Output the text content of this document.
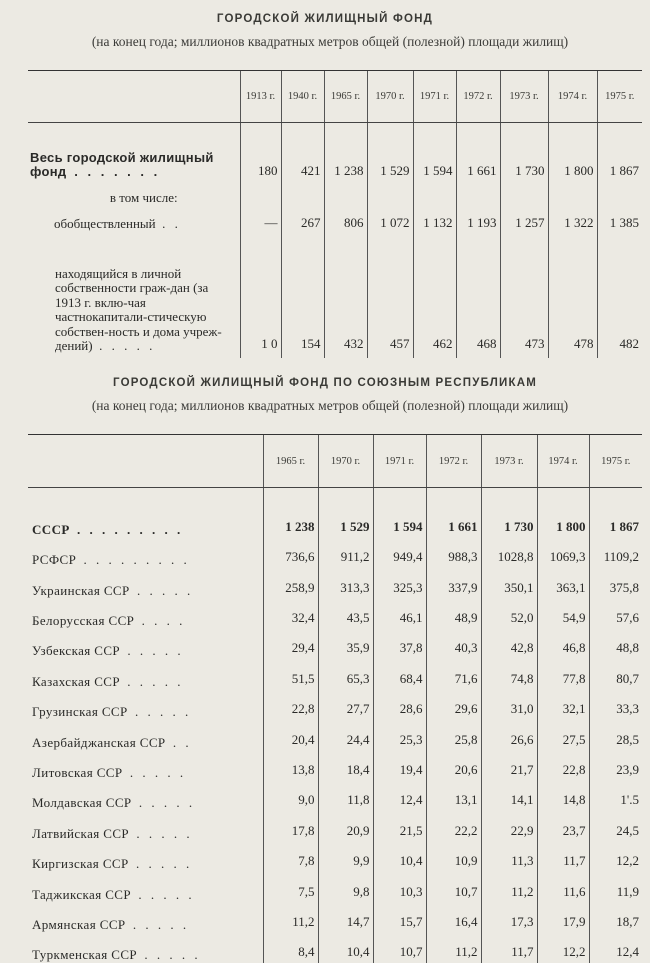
ГОРОДСКОЙ ЖИЛИЩНЫЙ ФОНД
(на конец года; миллионов квадратных метров общей (полезной) площади жилищ)
	1913 г.	1940 г.	1965 г.	1970 г.	1971 г.	1972 г.	1973 г.	1974 г.	1975 г.

Весь городской жилищный
фонд . . . . . . .	180	421	1 238	1 529	1 594	1 661	1 730	1 800	1 867
в том числе:									
обобществленный . .	—	267	806	1 072	1 132	1 193	1 257	1 322	1 385
находящийся в личной собственности граж-дан (за 1913 г. вклю-чая частнокапитали-стическую собствен-ность и дома учреж-дений) . . . . .	1 0	154	432	457	462	468	473	478	482
ГОРОДСКОЙ ЖИЛИЩНЫЙ ФОНД ПО СОЮЗНЫМ РЕСПУБЛИКАМ
(на конец года; миллионов квадратных метров общей (полезной) площади жилищ)
	1965 г.	1970 г.	1971 г.	1972 г.	1973 г.	1974 г.	1975 г.

СССР . . . . . . . . .	1 238	1 529	1 594	1 661	1 730	1 800	1 867
РСФСР . . . . . . . . .	736,6	911,2	949,4	988,3	1028,8	1069,3	1109,2
Украинская ССР . . . . .	258,9	313,3	325,3	337,9	350,1	363,1	375,8
Белорусская ССР . . . .	32,4	43,5	46,1	48,9	52,0	54,9	57,6
Узбекская ССР . . . . .	29,4	35,9	37,8	40,3	42,8	46,8	48,8
Казахская ССР . . . . .	51,5	65,3	68,4	71,6	74,8	77,8	80,7
Грузинская ССР . . . . .	22,8	27,7	28,6	29,6	31,0	32,1	33,3
Азербайджанская ССР . .	20,4	24,4	25,3	25,8	26,6	27,5	28,5
Литовская ССР . . . . .	13,8	18,4	19,4	20,6	21,7	22,8	23,9
Молдавская ССР . . . . .	9,0	11,8	12,4	13,1	14,1	14,8	1'.5
Латвийская ССР . . . . .	17,8	20,9	21,5	22,2	22,9	23,7	24,5
Киргизская ССР . . . . .	7,8	9,9	10,4	10,9	11,3	11,7	12,2
Таджикская ССР . . . . .	7,5	9,8	10,3	10,7	11,2	11,6	11,9
Армянская ССР . . . . .	11,2	14,7	15,7	16,4	17,3	17,9	18,7
Туркменская ССР . . . . .	8,4	10,4	10,7	11,2	11,7	12,2	12,4
